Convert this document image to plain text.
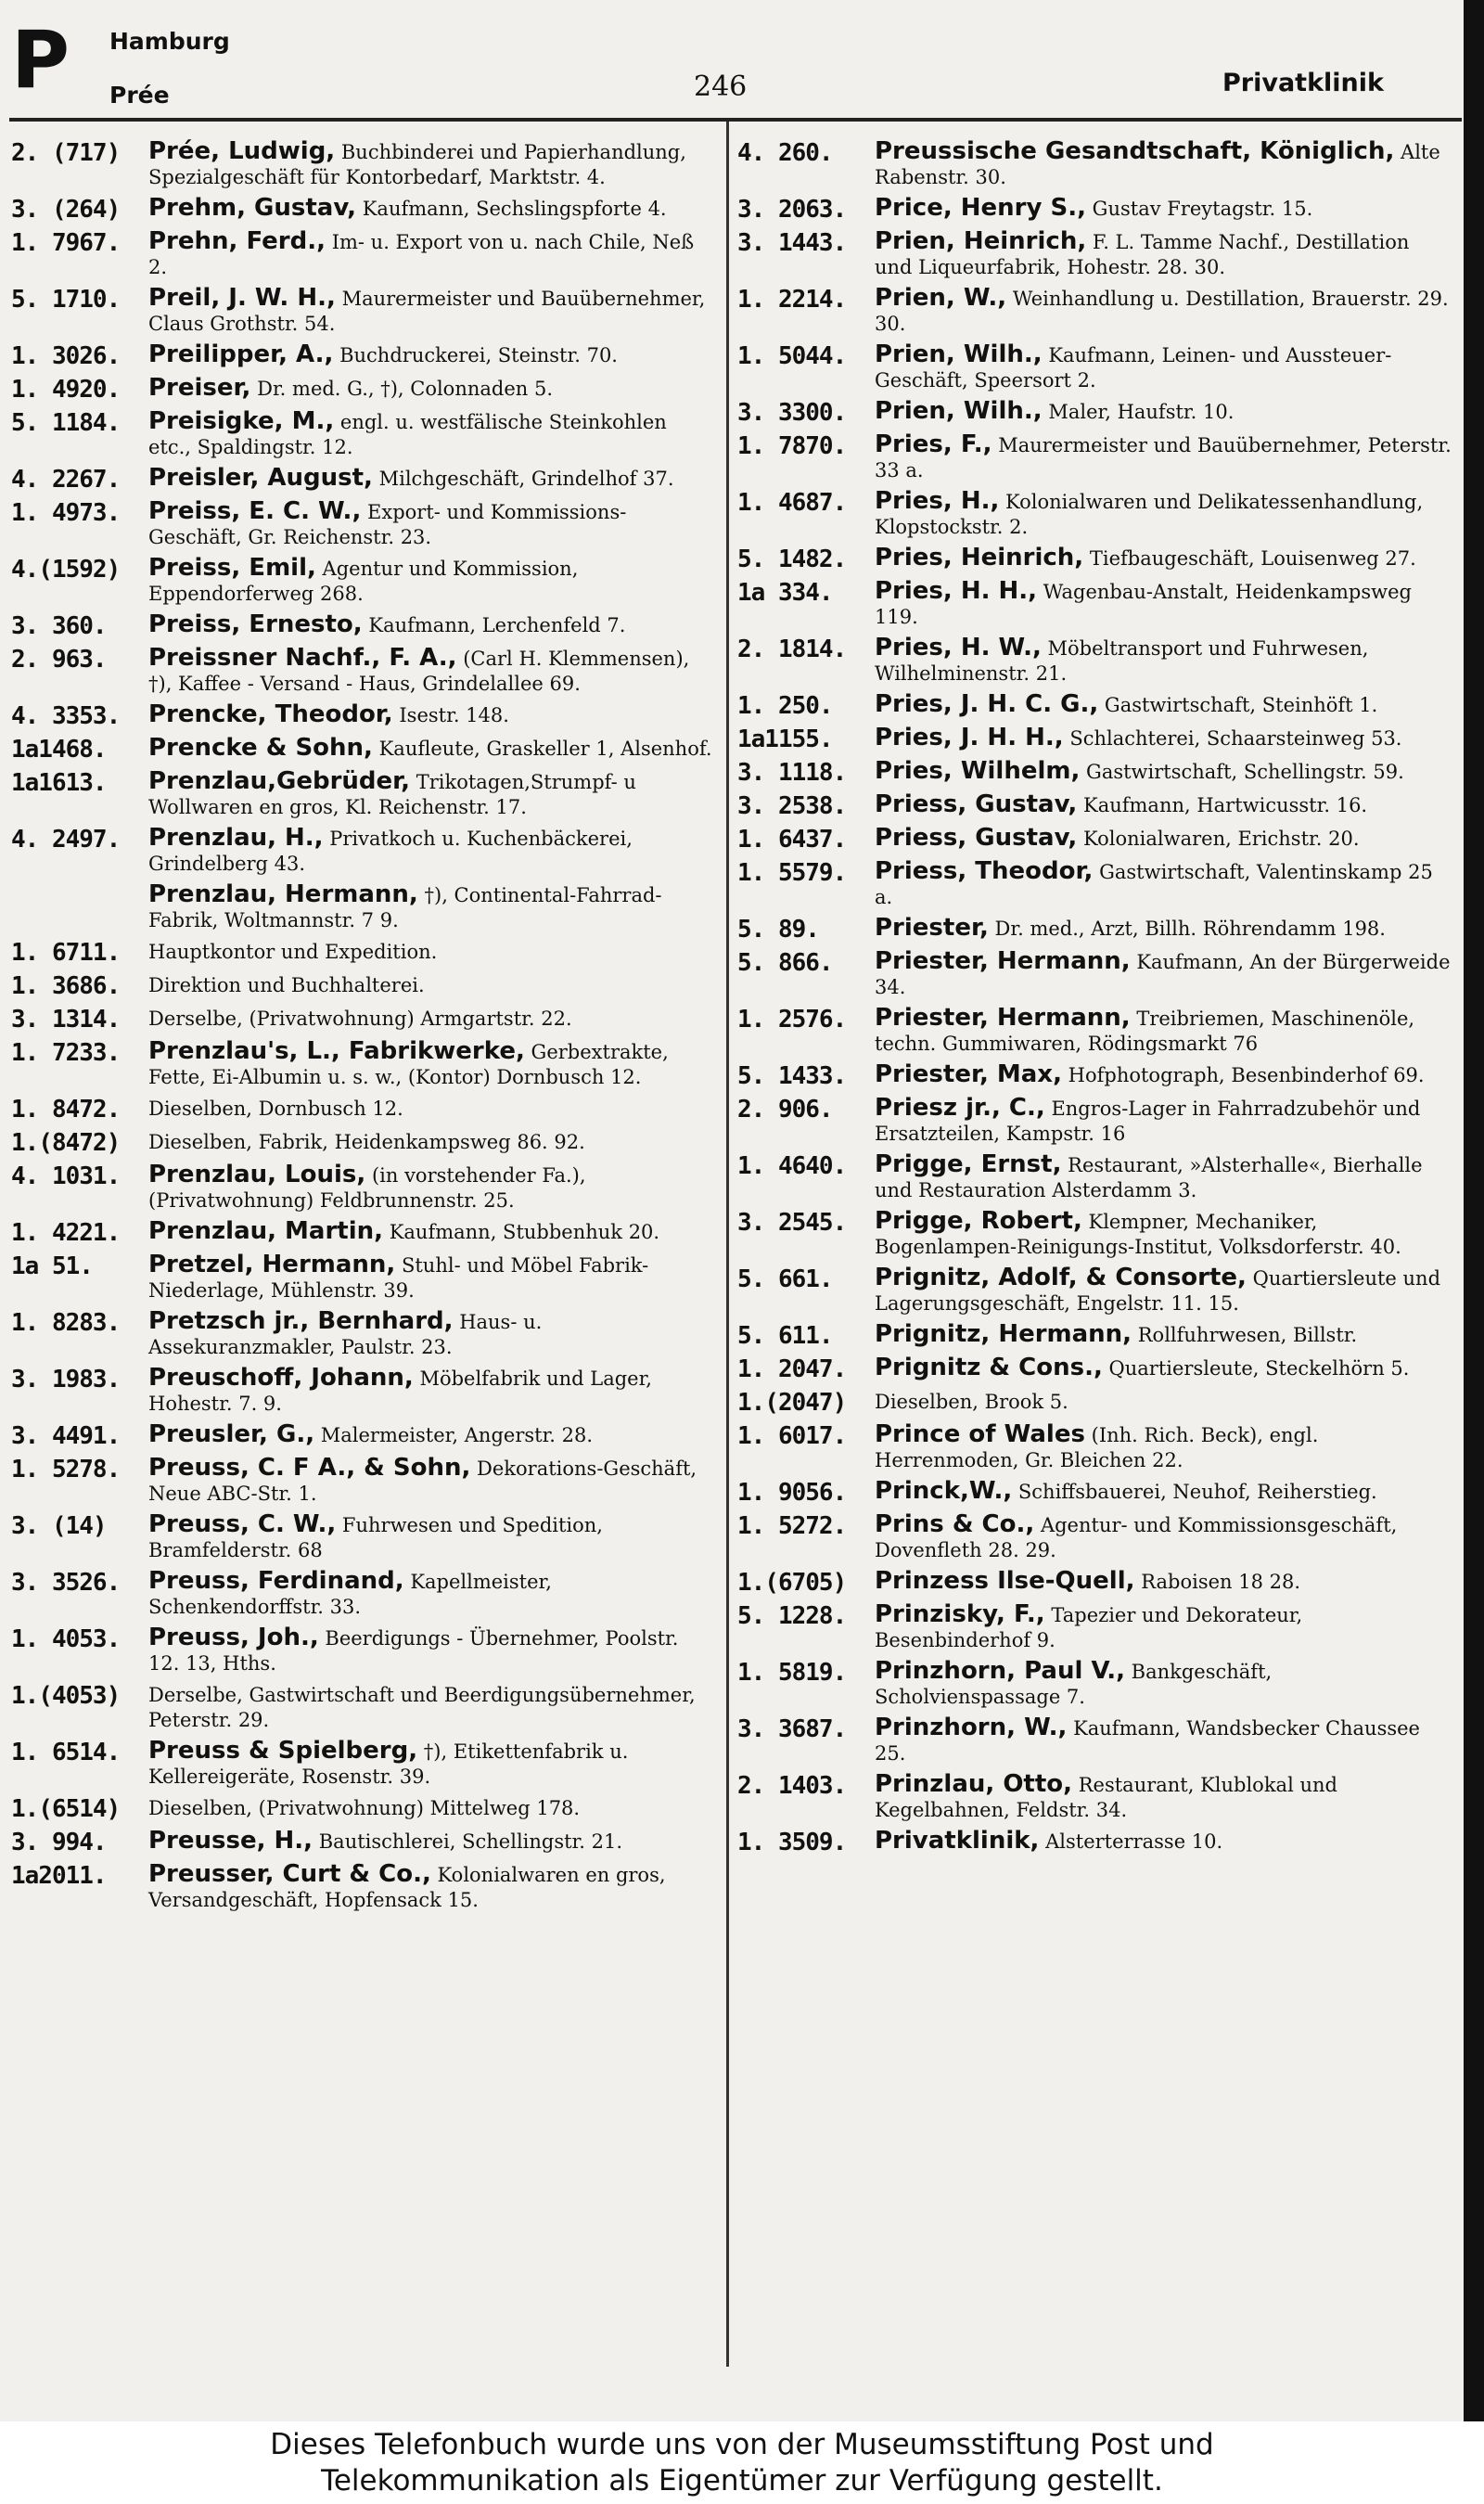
P Hamburg
Prée	246	Privatklinik
2. (717)	Prée, Ludwig, Buchbinderei und Papierhandlung, Spezialgeschäft für Kontorbedarf, Marktstr. 4.
3. (264)	Prehm, Gustav, Kaufmann, Sechslingspforte 4.
1. 7967.	Prehn, Ferd., Im- u. Export von u. nach Chile, Neß 2.
5. 1710.	Preil, J. W. H., Maurermeister und Bauübernehmer, Claus Grothstr. 54.
1. 3026.	Preilipper, A., Buchdruckerei, Steinstr. 70.
1. 4920.	Preiser, Dr. med. G., †), Colonnaden 5.
5. 1184.	Preisigke, M., engl. u. westfälische Steinkohlen etc., Spaldingstr. 12.
4. 2267.	Preisler, August, Milchgeschäft, Grindelhof 37.
1. 4973.	Preiss, E. C. W., Export- und Kommissions-Geschäft, Gr. Reichenstr. 23.
4.(1592)	Preiss, Emil, Agentur und Kommission, Eppendorferweg 268.
3. 360.	Preiss, Ernesto, Kaufmann, Lerchenfeld 7.
2. 963.	Preissner Nachf., F. A., (Carl H. Klemmensen), †), Kaffee - Versand - Haus, Grindelallee 69.
4. 3353.	Prencke, Theodor, Isestr. 148.
1a1468.	Prencke & Sohn, Kaufleute, Graskeller 1, Alsenhof.
1a1613.	Prenzlau,Gebrüder, Trikotagen,Strumpf- u Wollwaren en gros, Kl. Reichenstr. 17.
4. 2497.	Prenzlau, H., Privatkoch u. Kuchenbäckerei, Grindelberg 43.
Prenzlau, Hermann, †), Continental-Fahrrad-Fabrik, Woltmannstr. 7 9.
1. 6711.	Hauptkontor und Expedition.
1. 3686.	Direktion und Buchhalterei.
3. 1314.	Derselbe, (Privatwohnung) Armgartstr. 22.
1. 7233.	Prenzlau's, L., Fabrikwerke, Gerbextrakte, Fette, Ei-Albumin u. s. w., (Kontor) Dornbusch 12.
1. 8472.	Dieselben, Dornbusch 12.
1.(8472)	Dieselben, Fabrik, Heidenkampsweg 86. 92.
4. 1031.	Prenzlau, Louis, (in vorstehender Fa.), (Privatwohnung) Feldbrunnenstr. 25.
1. 4221.	Prenzlau, Martin, Kaufmann, Stubbenhuk 20.
1a 51.	Pretzel, Hermann, Stuhl- und Möbel Fabrik-Niederlage, Mühlenstr. 39.
1. 8283.	Pretzsch jr., Bernhard, Haus- u. Assekuranzmakler, Paulstr. 23.
3. 1983.	Preuschoff, Johann, Möbelfabrik und Lager, Hohestr. 7. 9.
3. 4491.	Preusler, G., Malermeister, Angerstr. 28.
1. 5278.	Preuss, C. F A., & Sohn, Dekorations-Geschäft, Neue ABC-Str. 1.
3. (14)	Preuss, C. W., Fuhrwesen und Spedition, Bramfelderstr. 68
3. 3526.	Preuss, Ferdinand, Kapellmeister, Schenkendorffstr. 33.
1. 4053.	Preuss, Joh., Beerdigungs - Übernehmer, Poolstr. 12. 13, Hths.
1.(4053)	Derselbe, Gastwirtschaft und Beerdigungsübernehmer, Peterstr. 29.
1. 6514.	Preuss & Spielberg, †), Etikettenfabrik u. Kellereigeräte, Rosenstr. 39.
1.(6514)	Dieselben, (Privatwohnung) Mittelweg 178.
3. 994.	Preusse, H., Bautischlerei, Schellingstr. 21.
1a2011.	Preusser, Curt & Co., Kolonialwaren en gros, Versandgeschäft, Hopfensack 15.
4. 260.	Preussische Gesandtschaft, Königlich, Alte Rabenstr. 30.
3. 2063.	Price, Henry S., Gustav Freytagstr. 15.
3. 1443.	Prien, Heinrich, F. L. Tamme Nachf., Destillation und Liqueurfabrik, Hohestr. 28. 30.
1. 2214.	Prien, W., Weinhandlung u. Destillation, Brauerstr. 29. 30.
1. 5044.	Prien, Wilh., Kaufmann, Leinen- und Aussteuer-Geschäft, Speersort 2.
3. 3300.	Prien, Wilh., Maler, Haufstr. 10.
1. 7870.	Pries, F., Maurermeister und Bauübernehmer, Peterstr. 33 a.
1. 4687.	Pries, H., Kolonialwaren und Delikatessenhandlung, Klopstockstr. 2.
5. 1482.	Pries, Heinrich, Tiefbaugeschäft, Louisenweg 27.
1a 334.	Pries, H. H., Wagenbau-Anstalt, Heidenkampsweg 119.
2. 1814.	Pries, H. W., Möbeltransport und Fuhrwesen, Wilhelminenstr. 21.
1. 250.	Pries, J. H. C. G., Gastwirtschaft, Steinhöft 1.
1a1155.	Pries, J. H. H., Schlachterei, Schaarsteinweg 53.
3. 1118.	Pries, Wilhelm, Gastwirtschaft, Schellingstr. 59.
3. 2538.	Priess, Gustav, Kaufmann, Hartwicusstr. 16.
1. 6437.	Priess, Gustav, Kolonialwaren, Erichstr. 20.
1. 5579.	Priess, Theodor, Gastwirtschaft, Valentinskamp 25 a.
5. 89.	Priester, Dr. med., Arzt, Billh. Röhrendamm 198.
5. 866.	Priester, Hermann, Kaufmann, An der Bürgerweide 34.
1. 2576.	Priester, Hermann, Treibriemen, Maschinenöle, techn. Gummiwaren, Rödingsmarkt 76
5. 1433.	Priester, Max, Hofphotograph, Besenbinderhof 69.
2. 906.	Priesz jr., C., Engros-Lager in Fahrradzubehör und Ersatzteilen, Kampstr. 16
1. 4640.	Prigge, Ernst, Restaurant, »Alsterhalle«, Bierhalle und Restauration Alsterdamm 3.
3. 2545.	Prigge, Robert, Klempner, Mechaniker, Bogenlampen-Reinigungs-Institut, Volksdorferstr. 40.
5. 661.	Prignitz, Adolf, & Consorte, Quartiersleute und Lagerungsgeschäft, Engelstr. 11. 15.
5. 611.	Prignitz, Hermann, Rollfuhrwesen, Billstr.
1. 2047.	Prignitz & Cons., Quartiersleute, Steckelhörn 5.
1.(2047)	Dieselben, Brook 5.
1. 6017.	Prince of Wales (Inh. Rich. Beck), engl. Herrenmoden, Gr. Bleichen 22.
1. 9056.	Princk,W., Schiffsbauerei, Neuhof, Reiherstieg.
1. 5272.	Prins & Co., Agentur- und Kommissionsgeschäft, Dovenfleth 28. 29.
1.(6705)	Prinzess Ilse-Quell, Raboisen 18 28.
5. 1228.	Prinzisky, F., Tapezier und Dekorateur, Besenbinderhof 9.
1. 5819.	Prinzhorn, Paul V., Bankgeschäft, Scholvienspassage 7.
3. 3687.	Prinzhorn, W., Kaufmann, Wandsbecker Chaussee 25.
2. 1403.	Prinzlau, Otto, Restaurant, Klublokal und Kegelbahnen, Feldstr. 34.
1. 3509.	Privatklinik, Alsterterrasse 10.
Dieses Telefonbuch wurde uns von der Museumsstiftung Post und
Telekommunikation als Eigentümer zur Verfügung gestellt.
